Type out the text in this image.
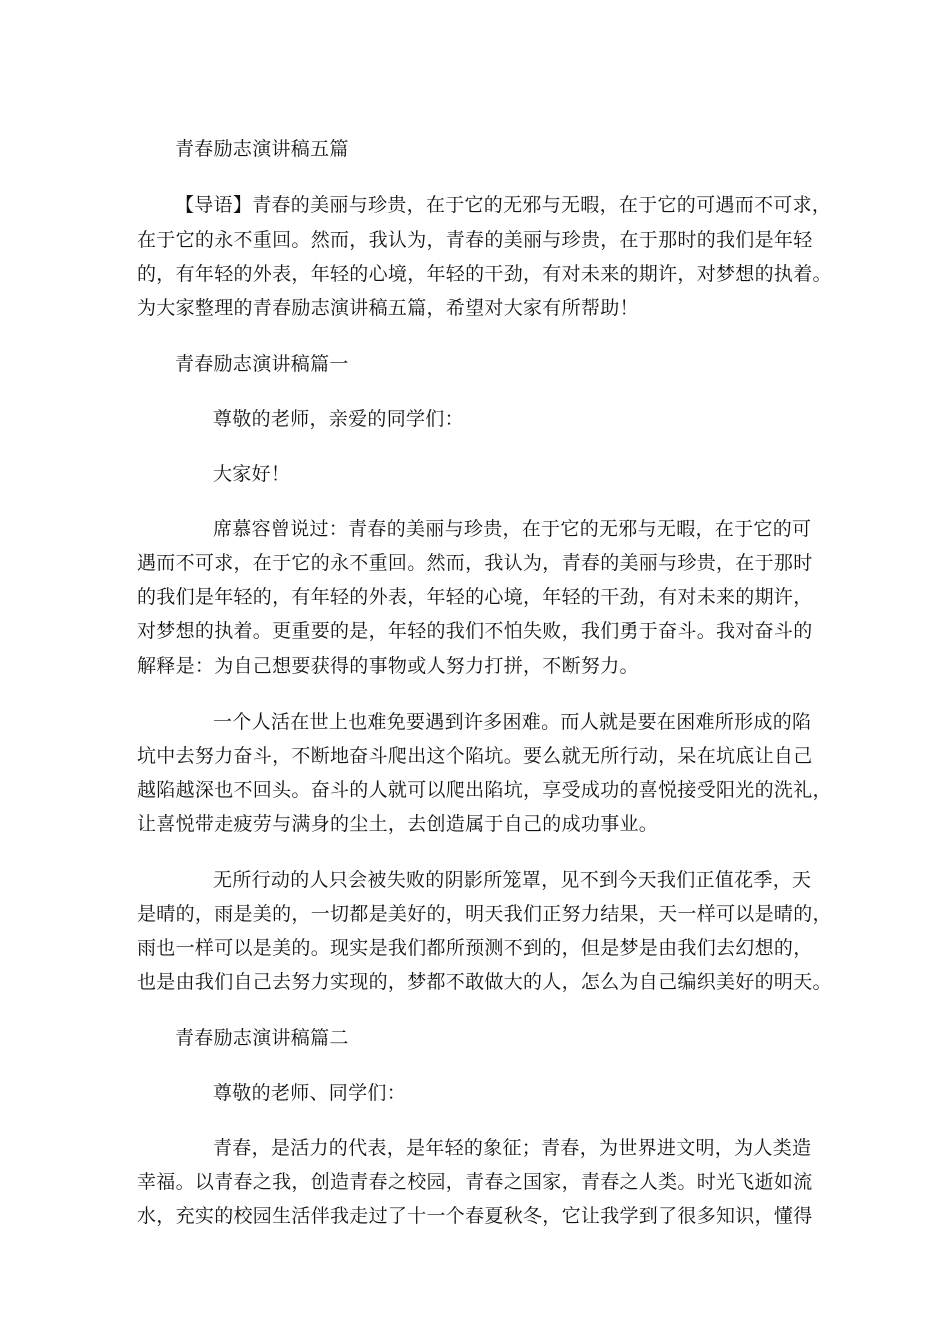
青春励志演讲稿五篇
【导语】青春的美丽与珍贵，在于它的无邪与无暇，在于它的可遇而不可求，
在于它的永不重回。然而，我认为，青春的美丽与珍贵，在于那时的我们是年轻
的，有年轻的外表，年轻的心境，年轻的干劲，有对未来的期许，对梦想的执着。
为大家整理的青春励志演讲稿五篇，希望对大家有所帮助！
青春励志演讲稿篇一
尊敬的老师，亲爱的同学们：
大家好！
席慕容曾说过：青春的美丽与珍贵，在于它的无邪与无暇，在于它的可
遇而不可求，在于它的永不重回。然而，我认为，青春的美丽与珍贵，在于那时
的我们是年轻的，有年轻的外表，年轻的心境，年轻的干劲，有对未来的期许，
对梦想的执着。更重要的是，年轻的我们不怕失败，我们勇于奋斗。我对奋斗的
解释是：为自己想要获得的事物或人努力打拼，不断努力。
一个人活在世上也难免要遇到许多困难。而人就是要在困难所形成的陷
坑中去努力奋斗，不断地奋斗爬出这个陷坑。要么就无所行动，呆在坑底让自己
越陷越深也不回头。奋斗的人就可以爬出陷坑，享受成功的喜悦接受阳光的洗礼，
让喜悦带走疲劳与满身的尘土，去创造属于自己的成功事业。
无所行动的人只会被失败的阴影所笼罩，见不到今天我们正值花季，天
是晴的，雨是美的，一切都是美好的，明天我们正努力结果，天一样可以是晴的，
雨也一样可以是美的。现实是我们都所预测不到的，但是梦是由我们去幻想的，
也是由我们自己去努力实现的，梦都不敢做大的人，怎么为自己编织美好的明天。
青春励志演讲稿篇二
尊敬的老师、同学们：
青春，是活力的代表，是年轻的象征；青春，为世界进文明，为人类造
幸福。以青春之我，创造青春之校园，青春之国家，青春之人类。时光飞逝如流
水，充实的校园生活伴我走过了十一个春夏秋冬，它让我学到了很多知识，懂得
